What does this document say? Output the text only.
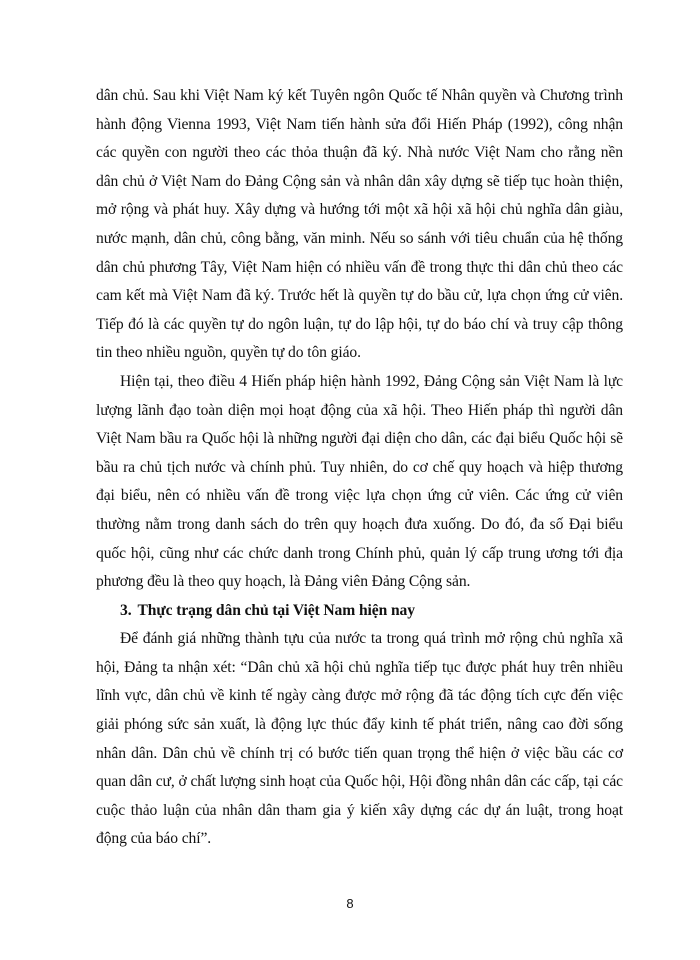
dân chủ. Sau khi Việt Nam ký kết Tuyên ngôn Quốc tế Nhân quyền và Chương trình hành động Vienna 1993, Việt Nam tiến hành sửa đổi Hiến Pháp (1992), công nhận các quyền con người theo các thỏa thuận đã ký. Nhà nước Việt Nam cho rằng nền dân chủ ở Việt Nam do Đảng Cộng sản và nhân dân xây dựng sẽ tiếp tục hoàn thiện, mở rộng và phát huy. Xây dựng và hướng tới một xã hội xã hội chủ nghĩa dân giàu, nước mạnh, dân chủ, công bằng, văn minh. Nếu so sánh với tiêu chuẩn của hệ thống dân chủ phương Tây, Việt Nam hiện có nhiều vấn đề trong thực thi dân chủ theo các cam kết mà Việt Nam đã ký. Trước hết là quyền tự do bầu cử, lựa chọn ứng cử viên. Tiếp đó là các quyền tự do ngôn luận, tự do lập hội, tự do báo chí và truy cập thông tin theo nhiều nguồn, quyền tự do tôn giáo.

Hiện tại, theo điều 4 Hiến pháp hiện hành 1992, Đảng Cộng sản Việt Nam là lực lượng lãnh đạo toàn diện mọi hoạt động của xã hội. Theo Hiến pháp thì người dân Việt Nam bầu ra Quốc hội là những người đại diện cho dân, các đại biểu Quốc hội sẽ bầu ra chủ tịch nước và chính phủ. Tuy nhiên, do cơ chế quy hoạch và hiệp thương đại biểu, nên có nhiều vấn đề trong việc lựa chọn ứng cử viên. Các ứng cử viên thường nằm trong danh sách do trên quy hoạch đưa xuống. Do đó, đa số Đại biểu quốc hội, cũng như các chức danh trong Chính phủ, quản lý cấp trung ương tới địa phương đều là theo quy hoạch, là Đảng viên Đảng Cộng sản.

3. Thực trạng dân chủ tại Việt Nam hiện nay

Để đánh giá những thành tựu của nước ta trong quá trình mở rộng chủ nghĩa xã hội, Đảng ta nhận xét: “Dân chủ xã hội chủ nghĩa tiếp tục được phát huy trên nhiều lĩnh vực, dân chủ về kinh tế ngày càng được mở rộng đã tác động tích cực đến việc giải phóng sức sản xuất, là động lực thúc đẩy kinh tế phát triển, nâng cao đời sống nhân dân. Dân chủ về chính trị có bước tiến quan trọng thể hiện ở việc bầu các cơ quan dân cư, ở chất lượng sinh hoạt của Quốc hội, Hội đồng nhân dân các cấp, tại các cuộc thảo luận của nhân dân tham gia ý kiến xây dựng các dự án luật, trong hoạt động của báo chí”.

8
